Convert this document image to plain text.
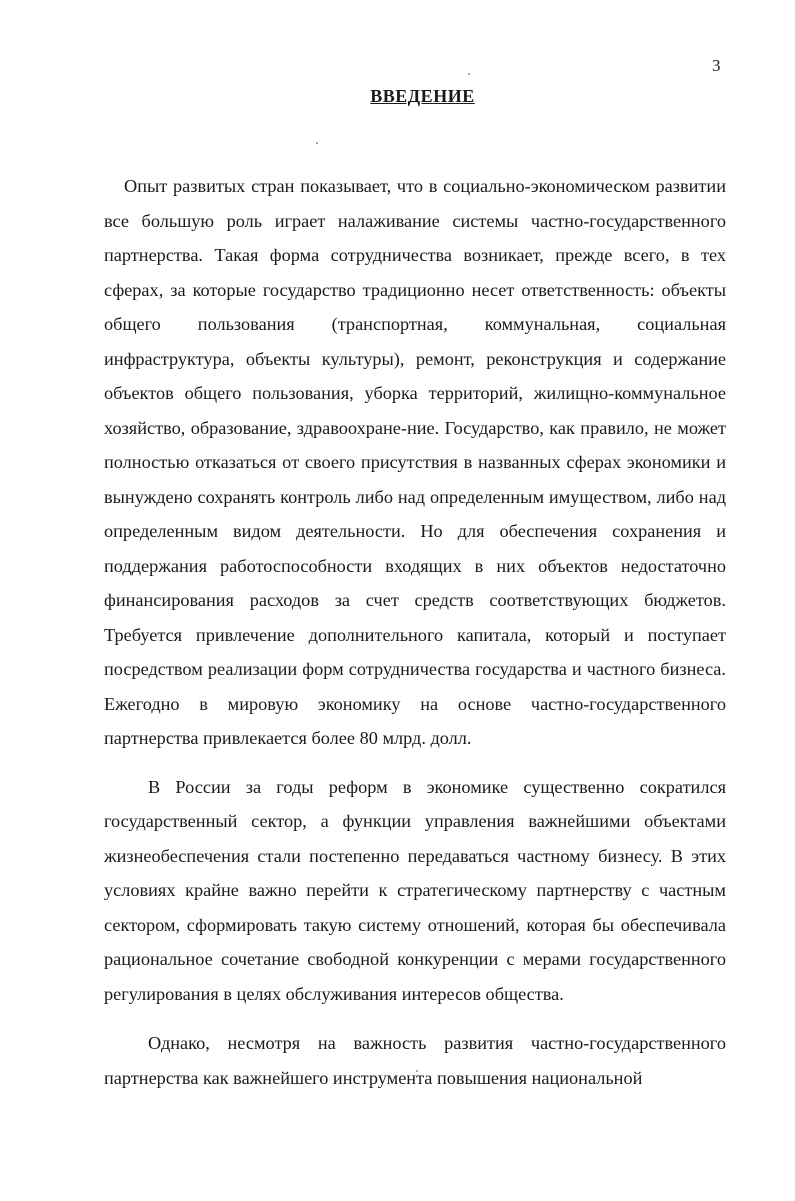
3
ВВЕДЕНИЕ

Опыт развитых стран показывает, что в социально-экономическом развитии все большую роль играет налаживание системы частно-государственного партнерства. Такая форма сотрудничества возникает, прежде всего, в тех сферах, за которые государство традиционно несет ответственность: объекты общего пользования (транспортная, коммунальная, социальная инфраструктура, объекты культуры), ремонт, реконструкция и содержание объектов общего пользования, уборка территорий, жилищно-коммунальное хозяйство, образование, здравоохране-ние. Государство, как правило, не может полностью отказаться от своего присутствия в названных сферах экономики и вынуждено сохранять контроль либо над определенным имуществом, либо над определенным видом деятельности. Но для обеспечения сохранения и поддержания работоспособности входящих в них объектов недостаточно финансирования расходов за счет средств соответствующих бюджетов. Требуется привлечение дополнительного капитала, который и поступает посредством реализации форм сотрудничества государства и частного бизнеса. Ежегодно в мировую экономику на основе частно-государственного партнерства привлекается более 80 млрд. долл.

В России за годы реформ в экономике существенно сократился государственный сектор, а функции управления важнейшими объектами жизнеобеспечения стали постепенно передаваться частному бизнесу. В этих условиях крайне важно перейти к стратегическому партнерству с частным сектором, сформировать такую систему отношений, которая бы обеспечивала рациональное сочетание свободной конкуренции с мерами государственного регулирования в целях обслуживания интересов общества.

Однако, несмотря на важность развития частно-государственного партнерства как важнейшего инструмента повышения национальной
